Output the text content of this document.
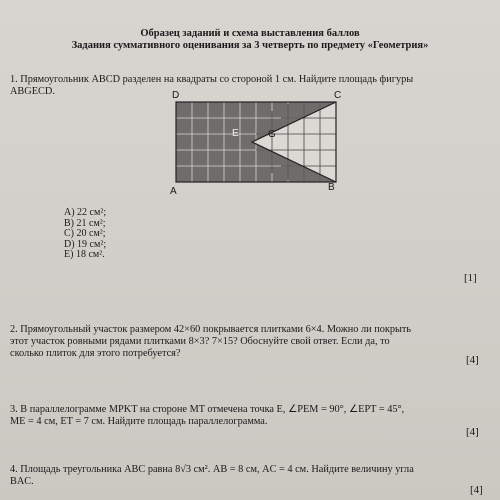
Образец заданий и схема выставления баллов
Задания суммативного оценивания за 3 четверть по предмету «Геометрия»
1. Прямоугольник ABCD разделен на квадраты со стороной 1 см. Найдите площадь фигуры
ABGECD.	D	C
A	B
E	G
A) 22 см²;
B) 21 см²;
C) 20 см²;
D) 19 см²;
E) 18 см².
[1]
2. Прямоугольный участок размером 42×60 покрывается плитками 6×4. Можно ли покрыть
этот участок ровными рядами плитками 8×3? 7×15? Обоснуйте свой ответ. Если да, то
сколько плиток для этого потребуется?
[4]
3. В параллелограмме MPKT на стороне MT отмечена точка E, ∠PEM = 90°, ∠EPT = 45°,
ME = 4 см, ET = 7 см. Найдите площадь параллелограмма.
[4]
4. Площадь треугольника ABC равна 8√3 см². AB = 8 см, AC = 4 см. Найдите величину угла
BAC.
[4]
